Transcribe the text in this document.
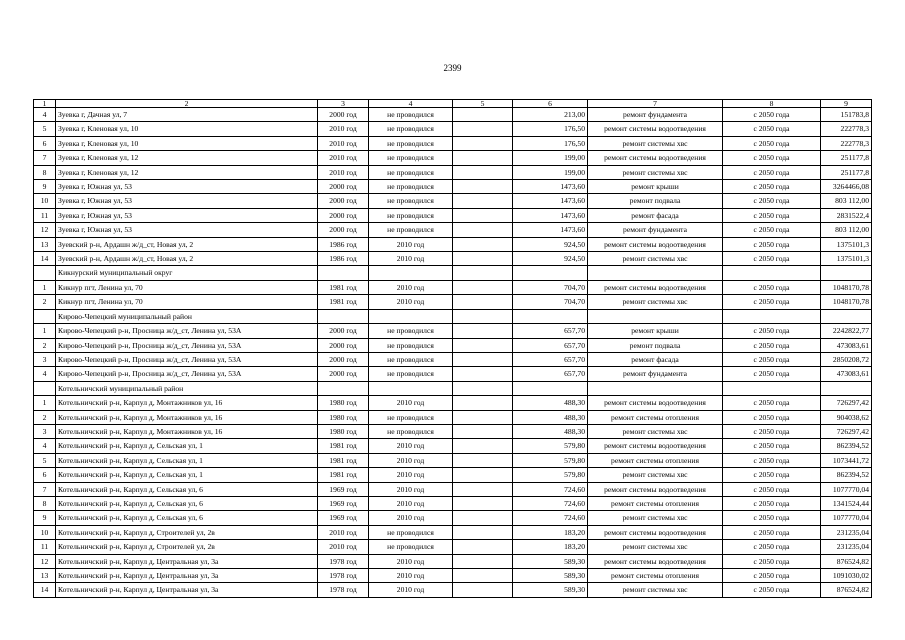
2399
1	2	3	4	5	6	7	8	9
4	Зуевка г, Дачная ул, 7	2000 год	не проводился		213,00	ремонт фундамента	с 2050 года	151783,8
5	Зуевка г, Кленовая ул, 10	2010 год	не проводился		176,50	ремонт системы водоотведения	с 2050 года	222778,3
6	Зуевка г, Кленовая ул, 10	2010 год	не проводился		176,50	ремонт системы хвс	с 2050 года	222778,3
7	Зуевка г, Кленовая ул, 12	2010 год	не проводился		199,00	ремонт системы водоотведения	с 2050 года	251177,8
8	Зуевка г, Кленовая ул, 12	2010 год	не проводился		199,00	ремонт системы хвс	с 2050 года	251177,8
9	Зуевка г, Южная ул, 53	2000 год	не проводился		1473,60	ремонт крыши	с 2050 года	3264466,08
10	Зуевка г, Южная ул, 53	2000 год	не проводился		1473,60	ремонт подвала	с 2050 года	803 112,00
11	Зуевка г, Южная ул, 53	2000 год	не проводился		1473,60	ремонт фасада	с 2050 года	2831522,4
12	Зуевка г, Южная ул, 53	2000 год	не проводился		1473,60	ремонт фундамента	с 2050 года	803 112,00
13	Зуевский р-н, Ардашн ж/д_ст, Новая ул, 2	1986 год	2010 год		924,50	ремонт системы водоотведения	с 2050 года	1375101,3
14	Зуевский р-н, Ардашн ж/д_ст, Новая ул, 2	1986 год	2010 год		924,50	ремонт системы хвс	с 2050 года	1375101,3
	Кикнурский муниципальный округ							
1	Кикнур пгт, Ленина ул, 70	1981 год	2010 год		704,70	ремонт системы водоотведения	с 2050 года	1048170,78
2	Кикнур пгт, Ленина ул, 70	1981 год	2010 год		704,70	ремонт системы хвс	с 2050 года	1048170,78
	Кирово-Чепецкий муниципальный район							
1	Кирово-Чепецкий р-н, Просница ж/д_ст, Ленина ул, 53А	2000 год	не проводился		657,70	ремонт крыши	с 2050 года	2242822,77
2	Кирово-Чепецкий р-н, Просница ж/д_ст, Ленина ул, 53А	2000 год	не проводился		657,70	ремонт подвала	с 2050 года	473083,61
3	Кирово-Чепецкий р-н, Просница ж/д_ст, Ленина ул, 53А	2000 год	не проводился		657,70	ремонт фасада	с 2050 года	2850208,72
4	Кирово-Чепецкий р-н, Просница ж/д_ст, Ленина ул, 53А	2000 год	не проводился		657,70	ремонт фундамента	с 2050 года	473083,61
	Котельничский муниципальный район							
1	Котельничский р-н, Карпул д, Монтажников ул, 16	1980 год	2010 год		488,30	ремонт системы водоотведения	с 2050 года	726297,42
2	Котельничский р-н, Карпул д, Монтажников ул, 16	1980 год	не проводился		488,30	ремонт системы отопления	с 2050 года	904038,62
3	Котельничский р-н, Карпул д, Монтажников ул, 16	1980 год	не проводился		488,30	ремонт системы хвс	с 2050 года	726297,42
4	Котельничский р-н, Карпул д, Сельская ул, 1	1981 год	2010 год		579,80	ремонт системы водоотведения	с 2050 года	862394,52
5	Котельничский р-н, Карпул д, Сельская ул, 1	1981 год	2010 год		579,80	ремонт системы отопления	с 2050 года	1073441,72
6	Котельничский р-н, Карпул д, Сельская ул, 1	1981 год	2010 год		579,80	ремонт системы хвс	с 2050 года	862394,52
7	Котельничский р-н, Карпул д, Сельская ул, 6	1969 год	2010 год		724,60	ремонт системы водоотведения	с 2050 года	1077770,04
8	Котельничский р-н, Карпул д, Сельская ул, 6	1969 год	2010 год		724,60	ремонт системы отопления	с 2050 года	1341524,44
9	Котельничский р-н, Карпул д, Сельская ул, 6	1969 год	2010 год		724,60	ремонт системы хвс	с 2050 года	1077770,04
10	Котельничский р-н, Карпул д, Строителей ул, 2в	2010 год	не проводился		183,20	ремонт системы водоотведения	с 2050 года	231235,04
11	Котельничский р-н, Карпул д, Строителей ул, 2в	2010 год	не проводился		183,20	ремонт системы хвс	с 2050 года	231235,04
12	Котельничский р-н, Карпул д, Центральная ул, 3а	1978 год	2010 год		589,30	ремонт системы водоотведения	с 2050 года	876524,82
13	Котельничский р-н, Карпул д, Центральная ул, 3а	1978 год	2010 год		589,30	ремонт системы отопления	с 2050 года	1091030,02
14	Котельничский р-н, Карпул д, Центральная ул, 3а	1978 год	2010 год		589,30	ремонт системы хвс	с 2050 года	876524,82
